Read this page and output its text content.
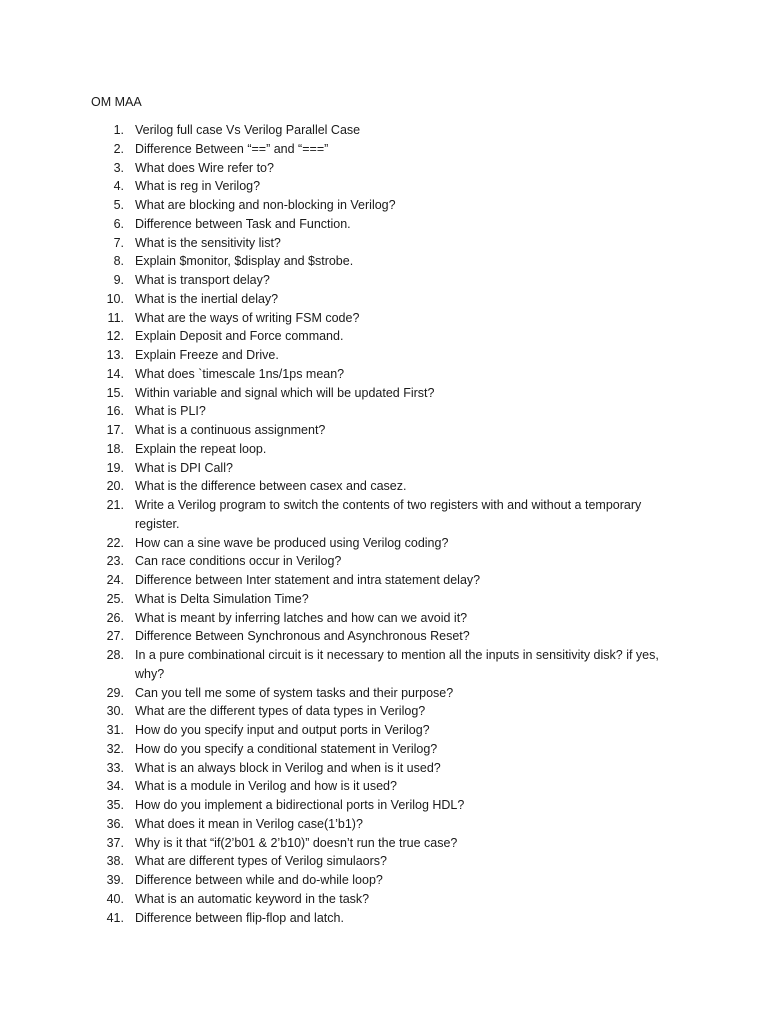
OM MAA

1. Verilog full case Vs Verilog Parallel Case
2. Difference Between “==” and “===”
3. What does Wire refer to?
4. What is reg in Verilog?
5. What are blocking and non-blocking in Verilog?
6. Difference between Task and Function.
7. What is the sensitivity list?
8. Explain $monitor, $display and $strobe.
9. What is transport delay?
10. What is the inertial delay?
11. What are the ways of writing FSM code?
12. Explain Deposit and Force command.
13. Explain Freeze and Drive.
14. What does `timescale 1ns/1ps mean?
15. Within variable and signal which will be updated First?
16. What is PLI?
17. What is a continuous assignment?
18. Explain the repeat loop.
19. What is DPI Call?
20. What is the difference between casex and casez.
21. Write a Verilog program to switch the contents of two registers with and without a temporary register.
22. How can a sine wave be produced using Verilog coding?
23. Can race conditions occur in Verilog?
24. Difference between Inter statement and intra statement delay?
25. What is Delta Simulation Time?
26. What is meant by inferring latches and how can we avoid it?
27. Difference Between Synchronous and Asynchronous Reset?
28. In a pure combinational circuit is it necessary to mention all the inputs in sensitivity disk? if yes, why?
29. Can you tell me some of system tasks and their purpose?
30. What are the different types of data types in Verilog?
31. How do you specify input and output ports in Verilog?
32. How do you specify a conditional statement in Verilog?
33. What is an always block in Verilog and when is it used?
34. What is a module in Verilog and how is it used?
35. How do you implement a bidirectional ports in Verilog HDL?
36. What does it mean in Verilog case(1’b1)?
37. Why is it that “if(2’b01 & 2’b10)” doesn’t run the true case?
38. What are different types of Verilog simulaors?
39. Difference between while and do-while loop?
40. What is an automatic keyword in the task?
41. Difference between flip-flop and latch.
